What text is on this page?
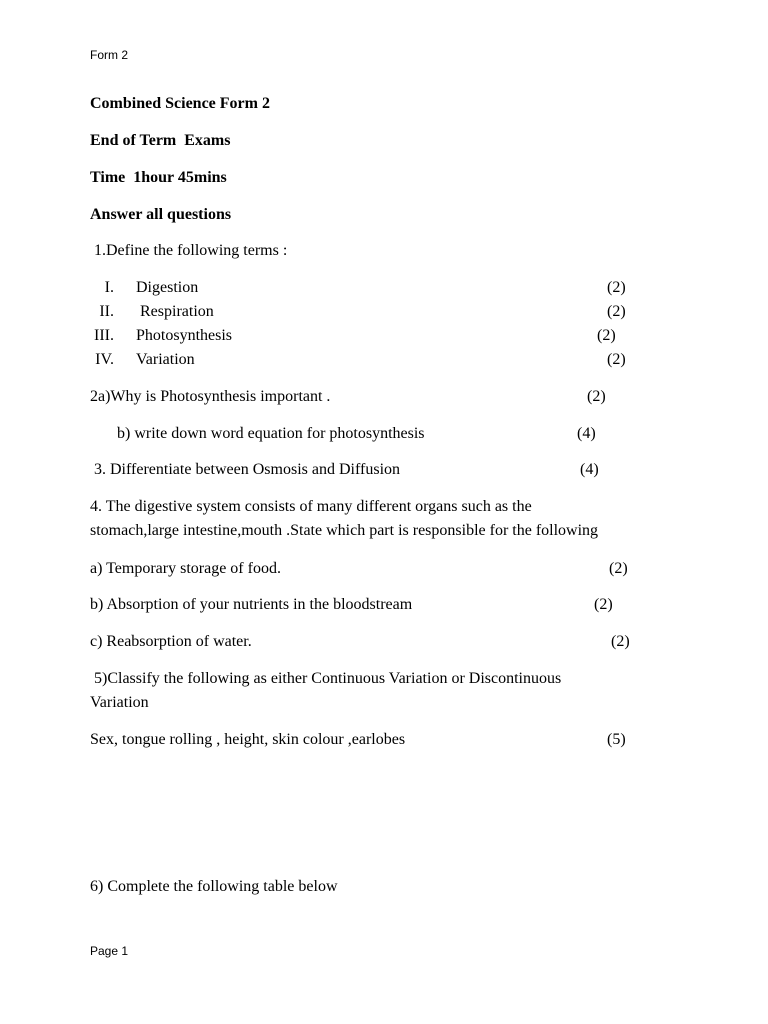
Form 2
Combined Science Form 2
End of Term  Exams
Time  1hour 45mins
Answer all questions
1.Define the following terms :
I. Digestion	(2)
II. Respiration	(2)
III. Photosynthesis	(2)
IV. Variation	(2)
2a)Why is Photosynthesis important .	(2)
b) write down word equation for photosynthesis	(4)
3. Differentiate between Osmosis and Diffusion	(4)
4. The digestive system consists of many different organs such as the
stomach,large intestine,mouth .State which part is responsible for the following
a) Temporary storage of food.	(2)
b) Absorption of your nutrients in the bloodstream	(2)
c) Reabsorption of water.	(2)
5)Classify the following as either Continuous Variation or Discontinuous
Variation
Sex, tongue rolling , height, skin colour ,earlobes	(5)
6) Complete the following table below
Page 1
